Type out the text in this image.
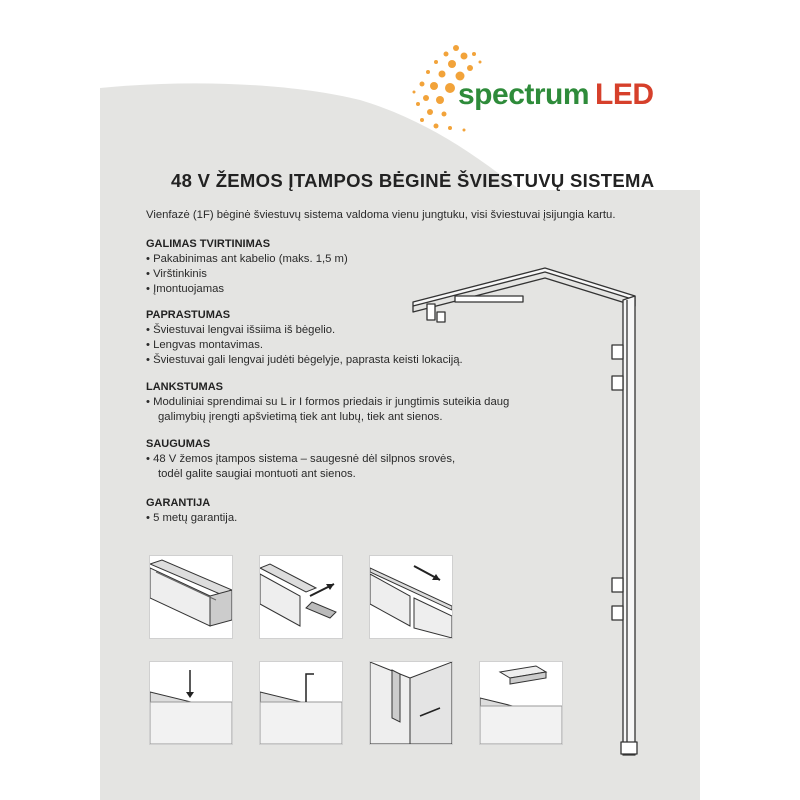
spectrum LED
48 V ŽEMOS ĮTAMPOS BĖGINĖ ŠVIESTUVŲ SISTEMA
Vienfazė (1F) bėginė šviestuvų sistema valdoma vienu jungtuku, visi šviestuvai įsijungia kartu.
GALIMAS TVIRTINIMAS
• Pakabinimas ant kabelio (maks. 1,5 m)
• Virštinkinis
• Įmontuojamas
PAPRASTUMAS
• Šviestuvai lengvai išsiima iš bėgelio.
• Lengvas montavimas.
• Šviestuvai gali lengvai judėti bėgelyje, paprasta keisti lokaciją.
LANKSTUMAS
• Moduliniai sprendimai su L ir I formos priedais ir jungtimis suteikia daug
galimybių įrengti apšvietimą tiek ant lubų, tiek ant sienos.
SAUGUMAS
• 48 V žemos įtampos sistema – saugesnė dėl silpnos srovės,
todėl galite saugiai montuoti ant sienos.
GARANTIJA
• 5 metų garantija.
